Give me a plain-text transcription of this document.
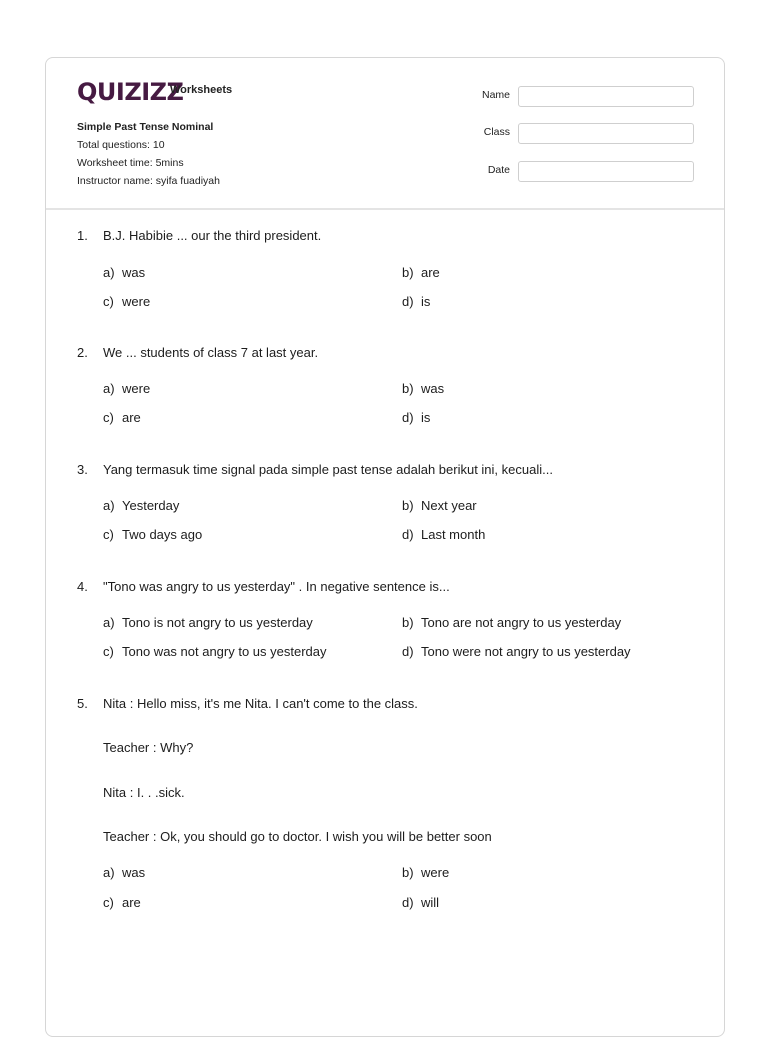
QUIZIZZ
Worksheets
Simple Past Tense Nominal
Total questions: 10
Worksheet time: 5mins
Instructor name: syifa fuadiyah
Name
Class
Date
1. B.J. Habibie ... our the third president.
a) was	b) are
c) were	d) is
2. We ... students of class 7 at last year.
a) were	b) was
c) are	d) is
3. Yang termasuk time signal pada simple past tense adalah berikut ini, kecuali...
a) Yesterday	b) Next year
c) Two days ago	d) Last month
4. "Tono was angry to us yesterday" . In negative sentence is...
a) Tono is not angry to us yesterday	b) Tono are not angry to us yesterday
c) Tono was not angry to us yesterday	d) Tono were not angry to us yesterday
5. Nita : Hello miss, it's me Nita. I can't come to the class.
Teacher : Why?
Nita : I. . .sick.
Teacher : Ok, you should go to doctor. I wish you will be better soon
a) was	b) were
c) are	d) will
